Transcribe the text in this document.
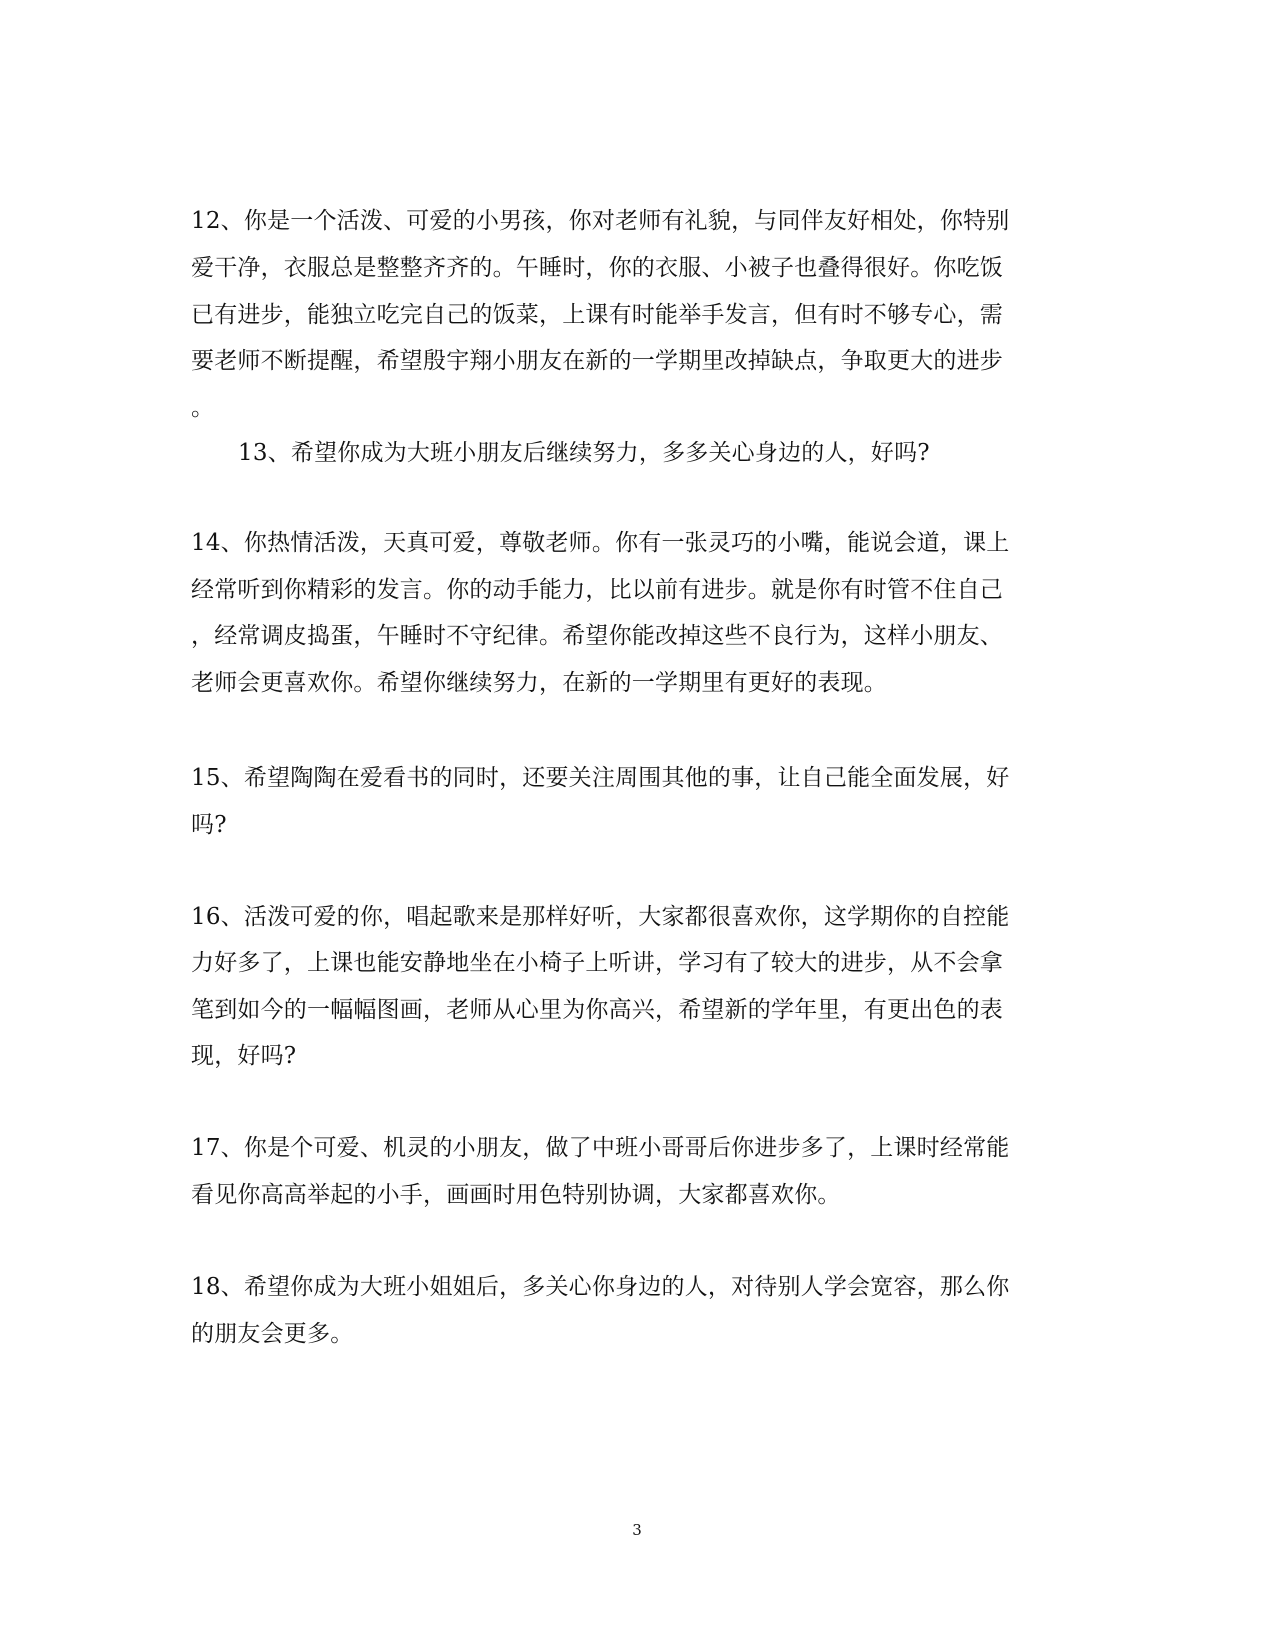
12、你是一个活泼、可爱的小男孩，你对老师有礼貌，与同伴友好相处，你特别
爱干净，衣服总是整整齐齐的。午睡时，你的衣服、小被子也叠得很好。你吃饭
已有进步，能独立吃完自己的饭菜，上课有时能举手发言，但有时不够专心，需
要老师不断提醒，希望殷宇翔小朋友在新的一学期里改掉缺点，争取更大的进步
。
13、希望你成为大班小朋友后继续努力，多多关心身边的人，好吗?
14、你热情活泼，天真可爱，尊敬老师。你有一张灵巧的小嘴，能说会道，课上
经常听到你精彩的发言。你的动手能力，比以前有进步。就是你有时管不住自己
，经常调皮捣蛋，午睡时不守纪律。希望你能改掉这些不良行为，这样小朋友、
老师会更喜欢你。希望你继续努力，在新的一学期里有更好的表现。
15、希望陶陶在爱看书的同时，还要关注周围其他的事，让自己能全面发展，好
吗?
16、活泼可爱的你，唱起歌来是那样好听，大家都很喜欢你，这学期你的自控能
力好多了，上课也能安静地坐在小椅子上听讲，学习有了较大的进步，从不会拿
笔到如今的一幅幅图画，老师从心里为你高兴，希望新的学年里，有更出色的表
现，好吗?
17、你是个可爱、机灵的小朋友，做了中班小哥哥后你进步多了，上课时经常能
看见你高高举起的小手，画画时用色特别协调，大家都喜欢你。
18、希望你成为大班小姐姐后，多关心你身边的人，对待别人学会宽容，那么你
的朋友会更多。
3
